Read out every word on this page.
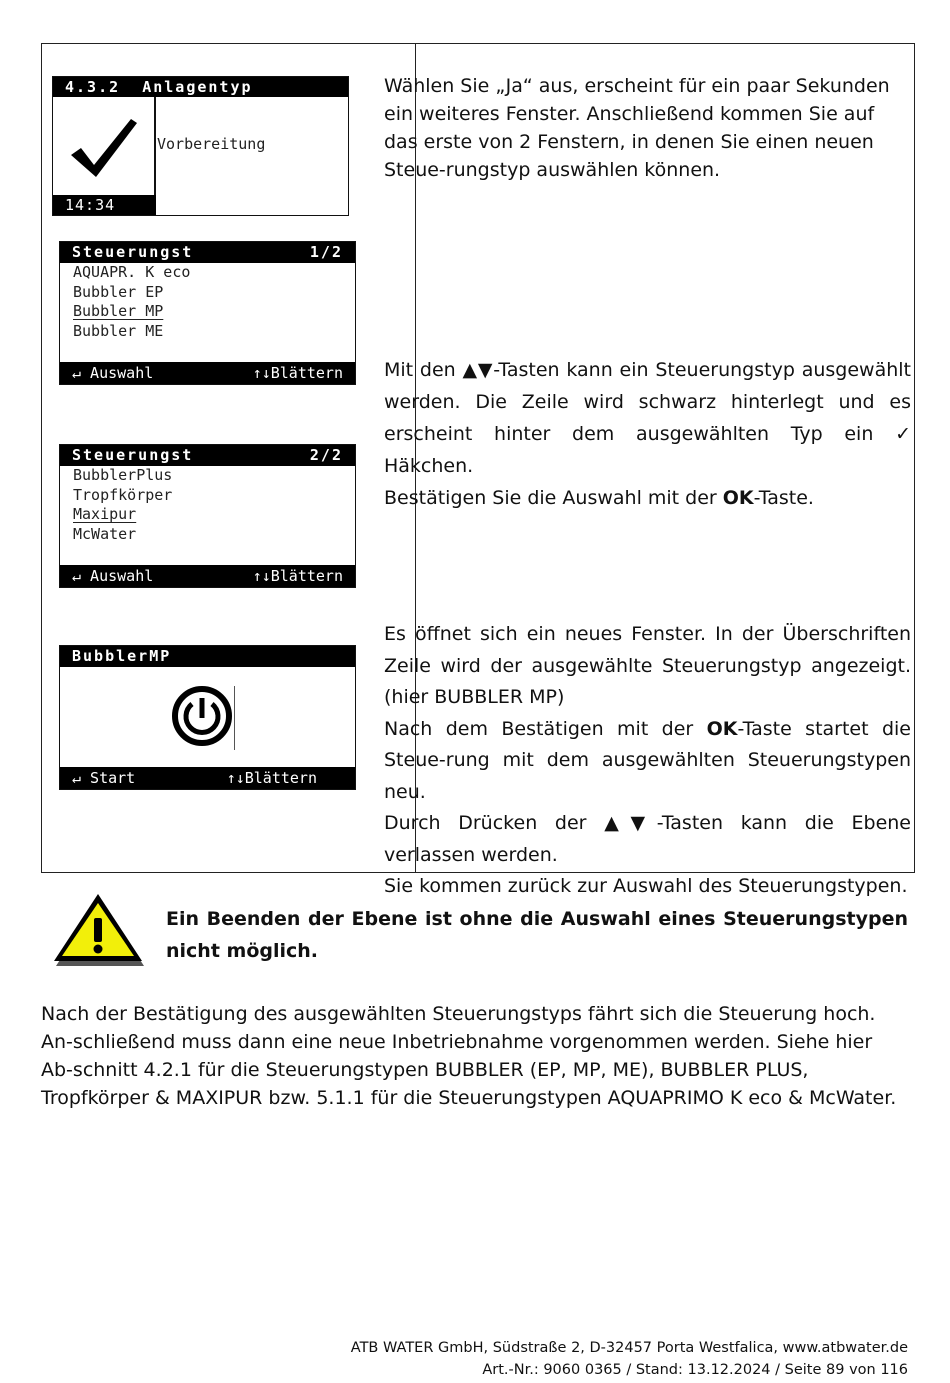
4.3.2  Anlagentyp
Vorbereitung
14:34
Steuerungst	1/2
AQUAPR. K eco
Bubbler EP
Bubbler MP
Bubbler ME
↵ Auswahl	↑↓Blättern
Steuerungst	2/2
BubblerPlus
Tropfkörper
Maxipur
McWater
↵ Auswahl	↑↓Blättern
BubblerMP
↵ Start	↑↓Blättern

Wählen Sie „Ja“ aus, erscheint für ein paar Sekunden ein weiteres Fenster. Anschließend kommen Sie auf das erste von 2 Fenstern, in denen Sie einen neuen Steue-rungstyp auswählen können.

Mit den ▲▼-Tasten kann ein Steuerungstyp ausgewählt werden. Die Zeile wird schwarz hinterlegt und es erscheint hinter dem ausgewählten Typ ein ✓ Häkchen.

Bestätigen Sie die Auswahl mit der OK-Taste.

Es öffnet sich ein neues Fenster. In der Überschriften Zeile wird der ausgewählte Steuerungstyp angezeigt. (hier BUBBLER MP)

Nach dem Bestätigen mit der OK-Taste startet die Steue-rung mit dem ausgewählten Steuerungstypen neu.

Durch Drücken der ▲▼-Tasten kann die Ebene verlassen werden.

Sie kommen zurück zur Auswahl des Steuerungstypen.

Ein Beenden der Ebene ist ohne die Auswahl eines Steuerungstypen nicht möglich.
Nach der Bestätigung des ausgewählten Steuerungstyps fährt sich die Steuerung hoch. An-schließend muss dann eine neue Inbetriebnahme vorgenommen werden. Siehe hier Ab-schnitt 4.2.1 für die Steuerungstypen BUBBLER (EP, MP, ME), BUBBLER PLUS, Tropfkörper & MAXIPUR bzw. 5.1.1 für die Steuerungstypen AQUAPRIMO K eco & McWater.
ATB WATER GmbH, Südstraße 2, D-32457 Porta Westfalica, www.atbwater.de
Art.-Nr.: 9060 0365 / Stand: 13.12.2024 / Seite 89 von 116
